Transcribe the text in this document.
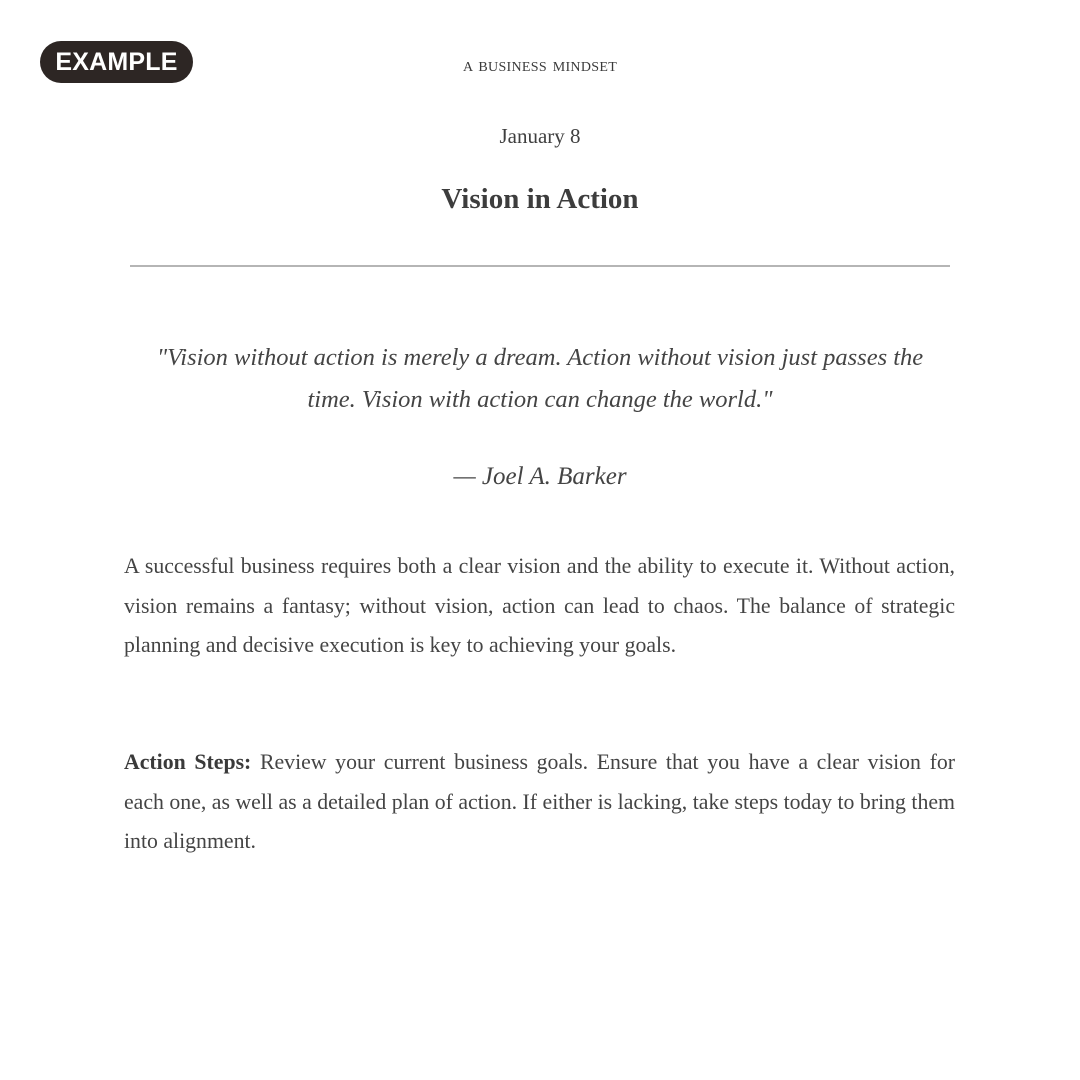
EXAMPLE	A BUSINESS MINDSET
January 8
Vision in Action

"Vision without action is merely a dream. Action without vision just passes the time. Vision with action can change the world."

— Joel A. Barker

A successful business requires both a clear vision and the ability to execute it. Without action, vision remains a fantasy; without vision, action can lead to chaos. The balance of strategic planning and decisive execution is key to achieving your goals.

Action Steps: Review your current business goals. Ensure that you have a clear vision for each one, as well as a detailed plan of action. If either is lacking, take steps today to bring them into alignment.
